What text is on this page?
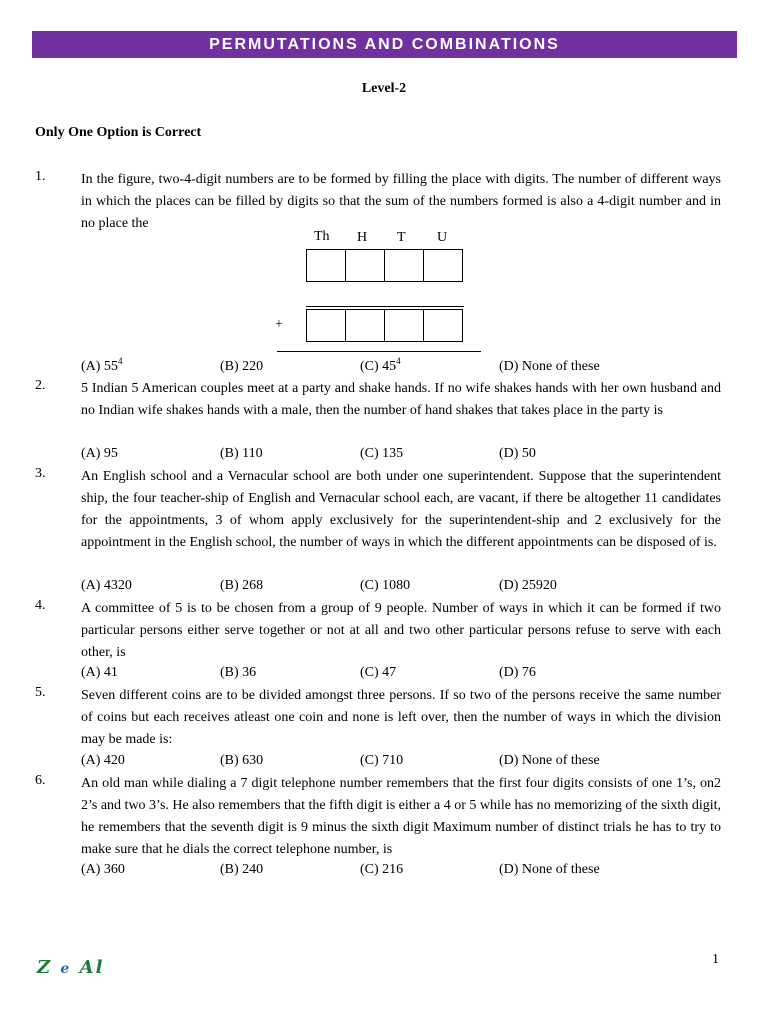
PERMUTATIONS AND COMBINATIONS
Level-2
Only One Option is Correct
1.	In the figure, two-4-digit numbers are to be formed by filling the place with digits. The number of different ways in which the places can be filled by digits so that the sum of the numbers formed is also a 4-digit number and in no place the
Th H T U
+
(A) $55^4$	(B) 220	(C) $45^4$	(D) None of these
2.	5 Indian 5 American couples meet at a party and shake hands. If no wife shakes hands with her own husband and no Indian wife shakes hands with a male, then the number of hand shakes that takes place in the party is
(A) 95	(B) 110	(C) 135	(D) 50
3.	An English school and a Vernacular school are both under one superintendent. Suppose that the superintendent ship, the four teacher-ship of English and Vernacular school each, are vacant, if there be altogether 11 candidates for the appointments, 3 of whom apply exclusively for the superintendent-ship and 2 exclusively for the appointment in the English school, the number of ways in which the different appointments can be disposed of is.
(A) 4320	(B) 268	(C) 1080	(D) 25920
4.	A committee of 5 is to be chosen from a group of 9 people. Number of ways in which it can be formed if two particular persons either serve together or not at all and two other particular persons refuse to serve with each other, is
(A) 41	(B) 36	(C) 47	(D) 76
5.	Seven different coins are to be divided amongst three persons. If so two of the persons receive the same number of coins but each receives atleast one coin and none is left over, then the number of ways in which the division may be made is:
(A) 420	(B) 630	(C) 710	(D) None of these
6.	An old man while dialing a 7 digit telephone number remembers that the first four digits consists of one 1’s, on2 2’s and two 3’s. He also remembers that the fifth digit is either a 4 or 5 while has no memorizing of the sixth digit, he remembers that the seventh digit is 9 minus the sixth digit Maximum number of distinct trials he has to try to make sure that he dials the correct telephone number, is
(A) 360	(B) 240	(C) 216	(D) None of these
Z e Al	1
